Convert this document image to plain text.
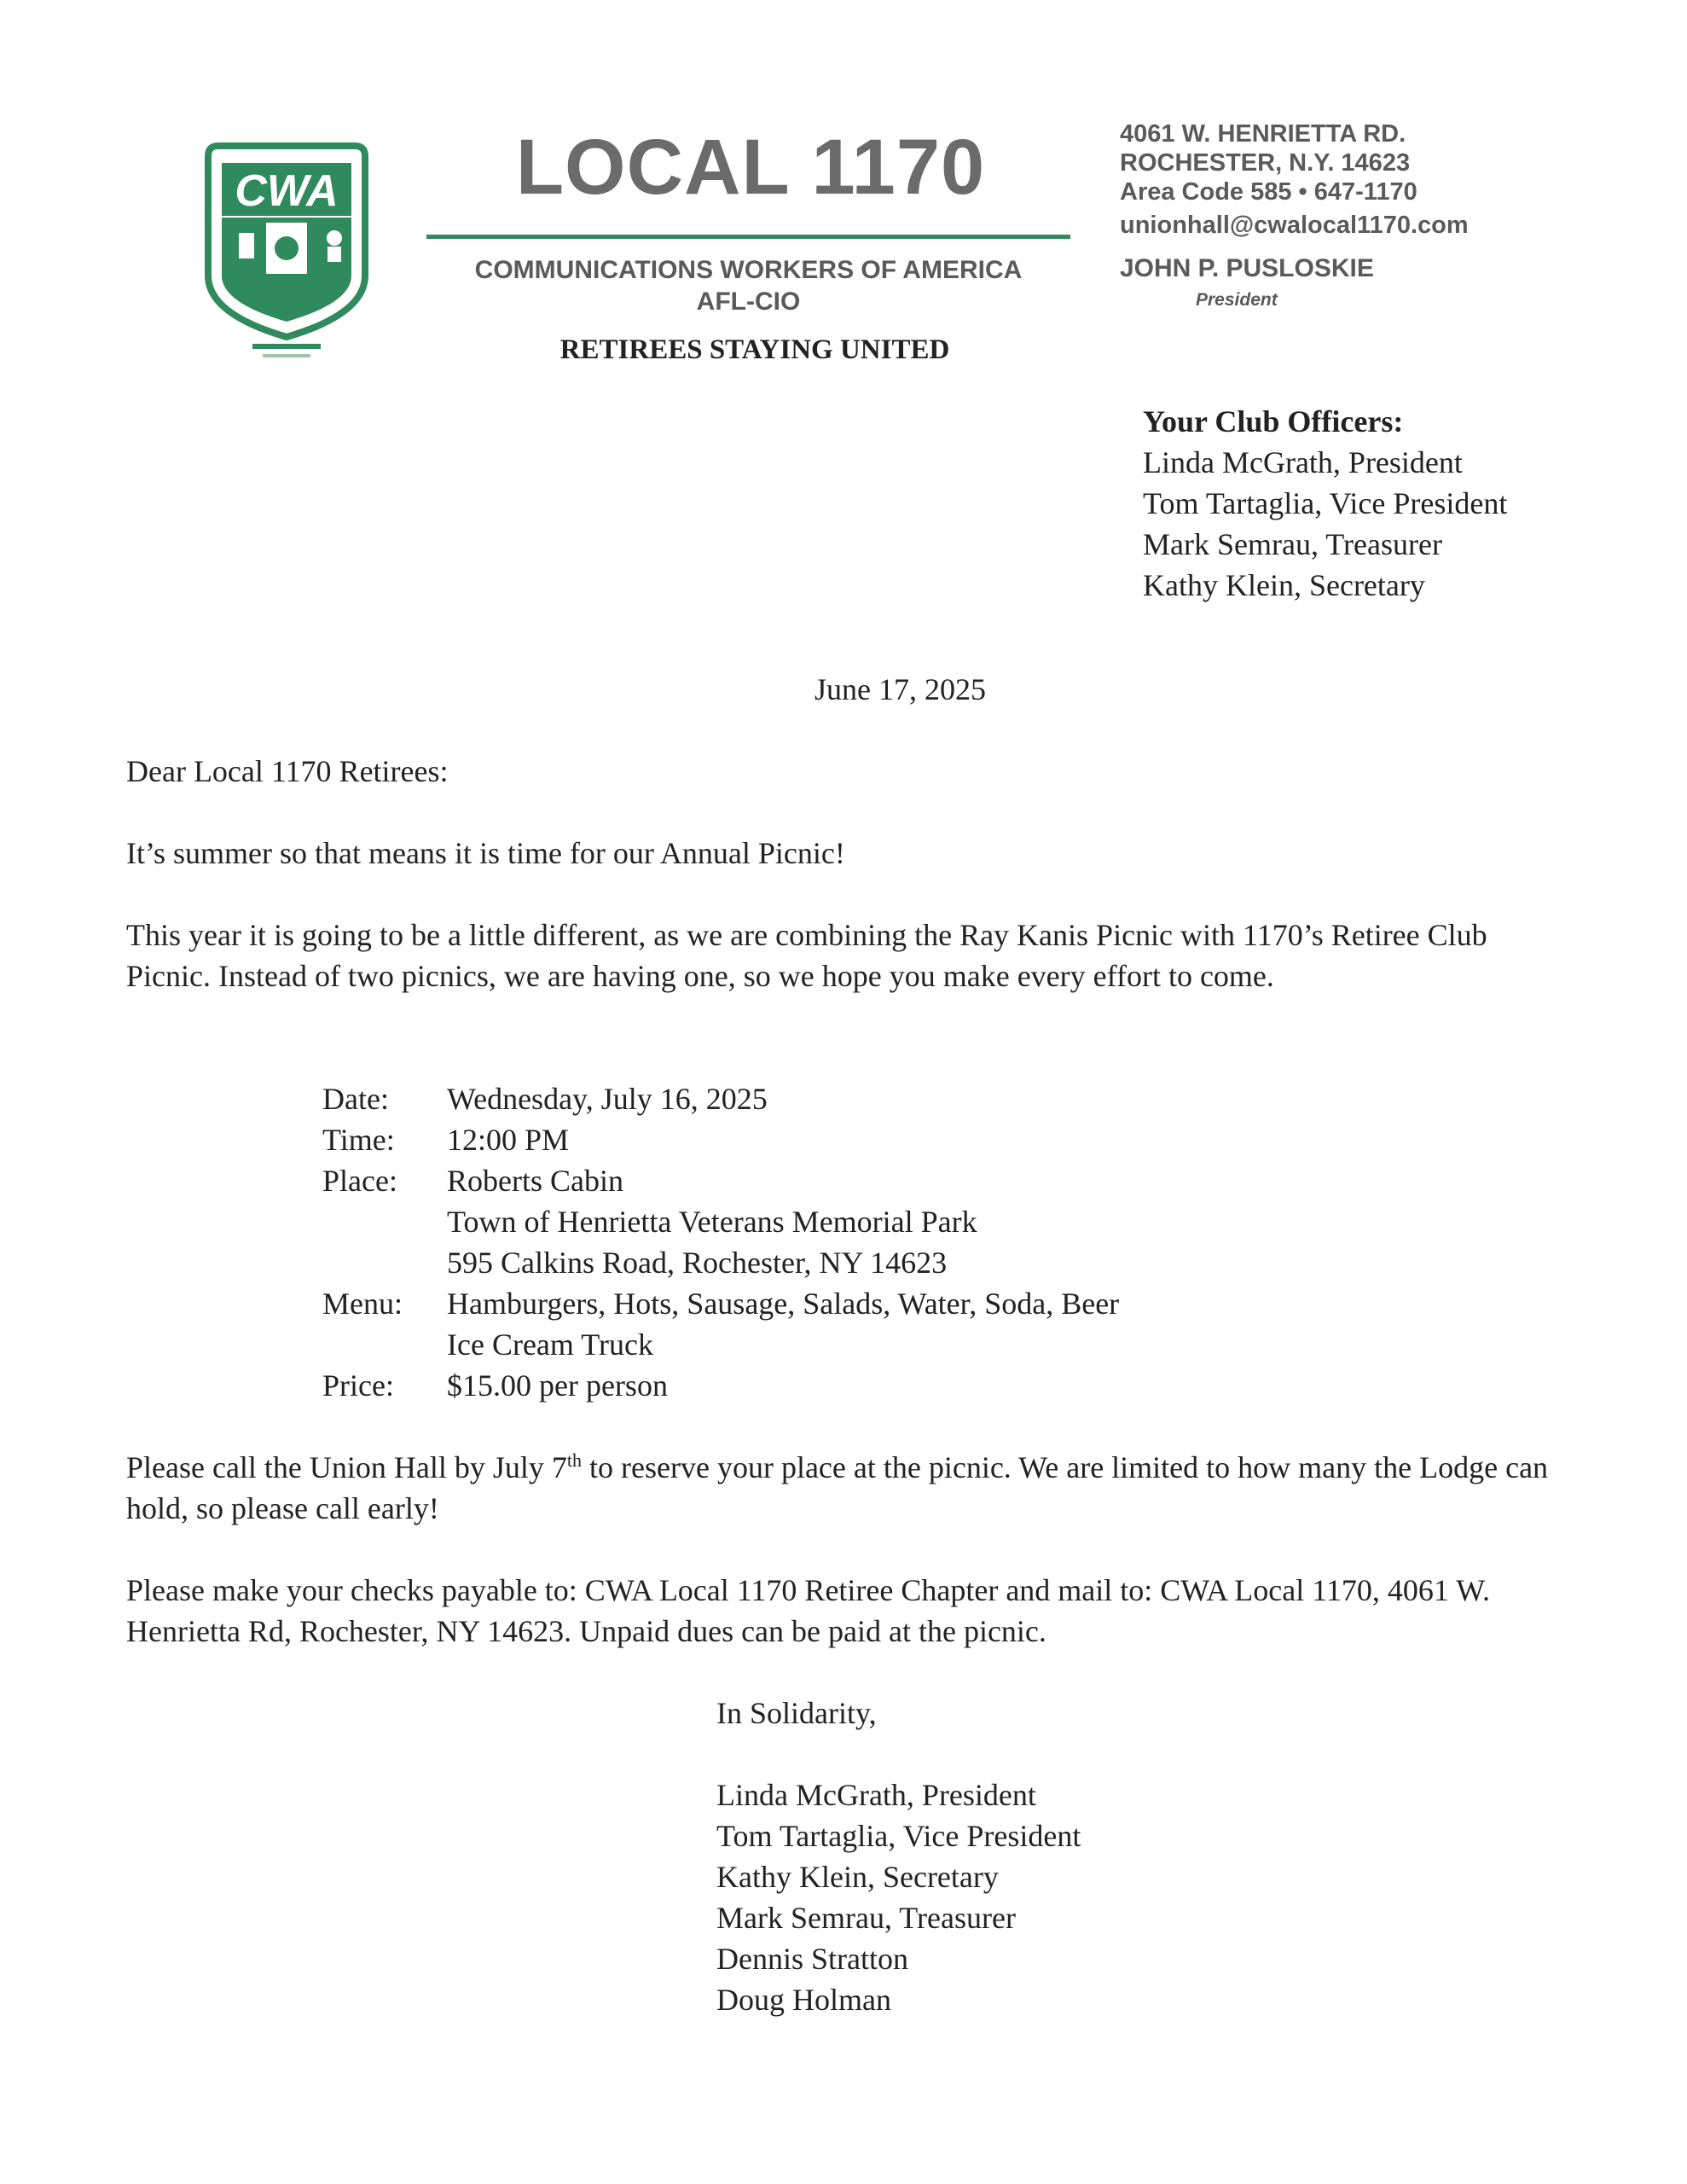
CWA	LOCAL 1170
COMMUNICATIONS WORKERS OF AMERICA
AFL-CIO
RETIREES STAYING UNITED
4061 W. HENRIETTA RD.
ROCHESTER, N.Y. 14623
Area Code 585 • 647-1170
unionhall@cwalocal1170.com
JOHN P. PUSLOSKIE
President
Your Club Officers:
Linda McGrath, President
Tom Tartaglia, Vice President
Mark Semrau, Treasurer
Kathy Klein, Secretary
June 17, 2025
Dear Local 1170 Retirees:
It’s summer so that means it is time for our Annual Picnic!
This year it is going to be a little different, as we are combining the Ray Kanis Picnic with 1170’s Retiree Club Picnic. Instead of two picnics, we are having one, so we hope you make every effort to come.
Date:	Wednesday, July 16, 2025
Time:	12:00 PM
Place:	Roberts Cabin
Town of Henrietta Veterans Memorial Park
595 Calkins Road, Rochester, NY 14623
Menu:	Hamburgers, Hots, Sausage, Salads, Water, Soda, Beer
Ice Cream Truck
Price:	$15.00 per person
Please call the Union Hall by July 7th to reserve your place at the picnic. We are limited to how many the Lodge can hold, so please call early!
Please make your checks payable to: CWA Local 1170 Retiree Chapter and mail to: CWA Local 1170, 4061 W. Henrietta Rd, Rochester, NY 14623. Unpaid dues can be paid at the picnic.
In Solidarity,
Linda McGrath, President
Tom Tartaglia, Vice President
Kathy Klein, Secretary
Mark Semrau, Treasurer
Dennis Stratton
Doug Holman
